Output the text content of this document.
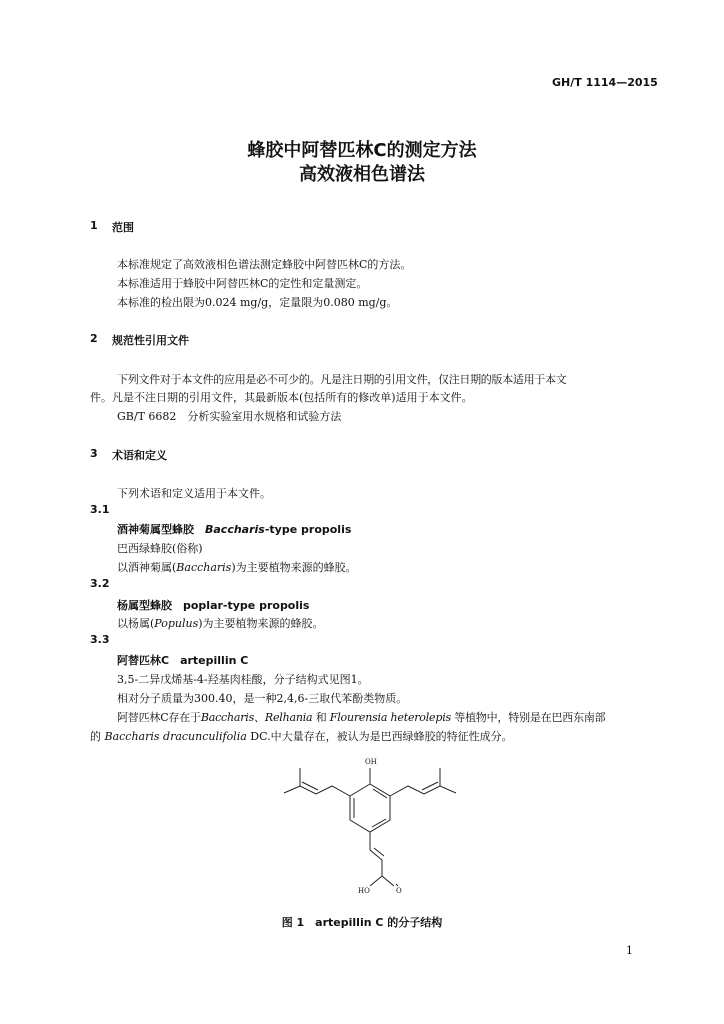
GH/T 1114—2015
蜂胶中阿替匹林C的测定方法
高效液相色谱法
1 范围
本标准规定了高效液相色谱法测定蜂胶中阿替匹林C的方法。
本标准适用于蜂胶中阿替匹林C的定性和定量测定。
本标准的检出限为0.024 mg/g，定量限为0.080 mg/g。
2 规范性引用文件
下列文件对于本文件的应用是必不可少的。凡是注日期的引用文件，仅注日期的版本适用于本文
件。凡是不注日期的引用文件，其最新版本(包括所有的修改单)适用于本文件。
GB/T 6682　分析实验室用水规格和试验方法
3 术语和定义
下列术语和定义适用于本文件。
3.1
酒神菊属型蜂胶　 Baccharis-type propolis
巴西绿蜂胶(俗称)
以酒神菊属(Baccharis)为主要植物来源的蜂胶。
3.2
杨属型蜂胶　 poplar-type propolis
以杨属(Populus)为主要植物来源的蜂胶。
3.3
阿替匹林C　 artepillin C
3,5-二异戊烯基-4-羟基肉桂酸，分子结构式见图1。
相对分子质量为300.40，是一种2,4,6-三取代苯酚类物质。
阿替匹林C存在于Baccharis、Relhania 和 Flourensia heterolepis 等植物中，特别是在巴西东南部
的 Baccharis dracunculifolia DC.中大量存在，被认为是巴西绿蜂胶的特征性成分。
OH
HO	O
图 1　artepillin C 的分子结构
1
